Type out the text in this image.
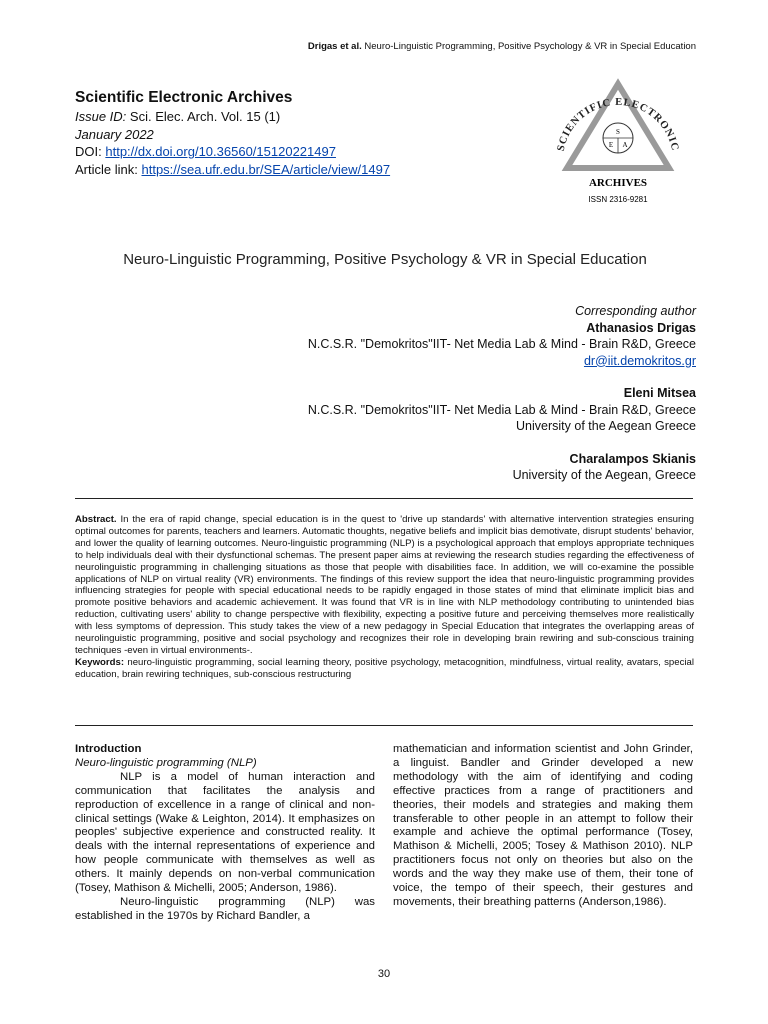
Drigas et al. Neuro-Linguistic Programming, Positive Psychology & VR in Special Education
Scientific Electronic Archives
Issue ID: Sci. Elec. Arch. Vol. 15 (1)
January 2022
DOI: http://dx.doi.org/10.36560/15120221497
Article link: https://sea.ufr.edu.br/SEA/article/view/1497
SCIENTIFIC ELECTRONIC
S
E A
ARCHIVES
ISSN 2316-9281
Neuro-Linguistic Programming, Positive Psychology & VR in Special Education
Corresponding author
Athanasios Drigas
N.C.S.R. "Demokritos"IIT- Net Media Lab & Mind - Brain R&D, Greece
dr@iit.demokritos.gr
Eleni Mitsea
N.C.S.R. "Demokritos"IIT- Net Media Lab & Mind - Brain R&D, Greece
University of the Aegean Greece
Charalampos Skianis
University of the Aegean, Greece
Abstract. In the era of rapid change, special education is in the quest to 'drive up standards' with alternative intervention strategies ensuring optimal outcomes for parents, teachers and learners. Automatic thoughts, negative beliefs and implicit bias demotivate, disrupt students' behavior, and lower the quality of learning outcomes. Neuro-linguistic programming (NLP) is a psychological approach that employs appropriate techniques to help individuals deal with their dysfunctional schemas. The present paper aims at reviewing the research studies regarding the effectiveness of neurolinguistic programming in challenging situations as those that people with disabilities face. In addition, we will co-examine the possible applications of NLP on virtual reality (VR) environments. The findings of this review support the idea that neuro-linguistic programming provides influencing strategies for people with special educational needs to be rapidly engaged in those states of mind that eliminate implicit bias and promote positive behaviors and academic achievement. It was found that VR is in line with NLP methodology contributing to unintended bias reduction, cultivating users' ability to change perspective with flexibility, expecting a positive future and perceiving themselves more realistically with less symptoms of depression. This study takes the view of a new pedagogy in Special Education that integrates the overlapping areas of neurolinguistic programming, positive and social psychology and recognizes their role in developing brain rewiring and sub-conscious training techniques -even in virtual environments-.
Keywords: neuro-linguistic programming, social learning theory, positive psychology, metacognition, mindfulness, virtual reality, avatars, special education, brain rewiring techniques, sub-conscious restructuring
Introduction
Neuro-linguistic programming (NLP)
NLP is a model of human interaction and communication that facilitates the analysis and reproduction of excellence in a range of clinical and non-clinical settings (Wake & Leighton, 2014). It emphasizes on peoples' subjective experience and constructed reality. It deals with the internal representations of experience and how people communicate with themselves as well as others. It mainly depends on non-verbal communication (Tosey, Mathison & Michelli, 2005; Anderson, 1986).
Neuro-linguistic programming (NLP) was established in the 1970s by Richard Bandler, a
mathematician and information scientist and John Grinder, a linguist. Bandler and Grinder developed a new methodology with the aim of identifying and coding effective practices from a range of practitioners and theories, their models and strategies and making them transferable to other people in an attempt to follow their example and achieve the optimal performance (Tosey, Mathison & Michelli, 2005; Tosey & Mathison 2010). NLP practitioners focus not only on theories but also on the words and the way they make use of them, their tone of voice, the tempo of their speech, their gestures and movements, their breathing patterns (Anderson,1986).
30
